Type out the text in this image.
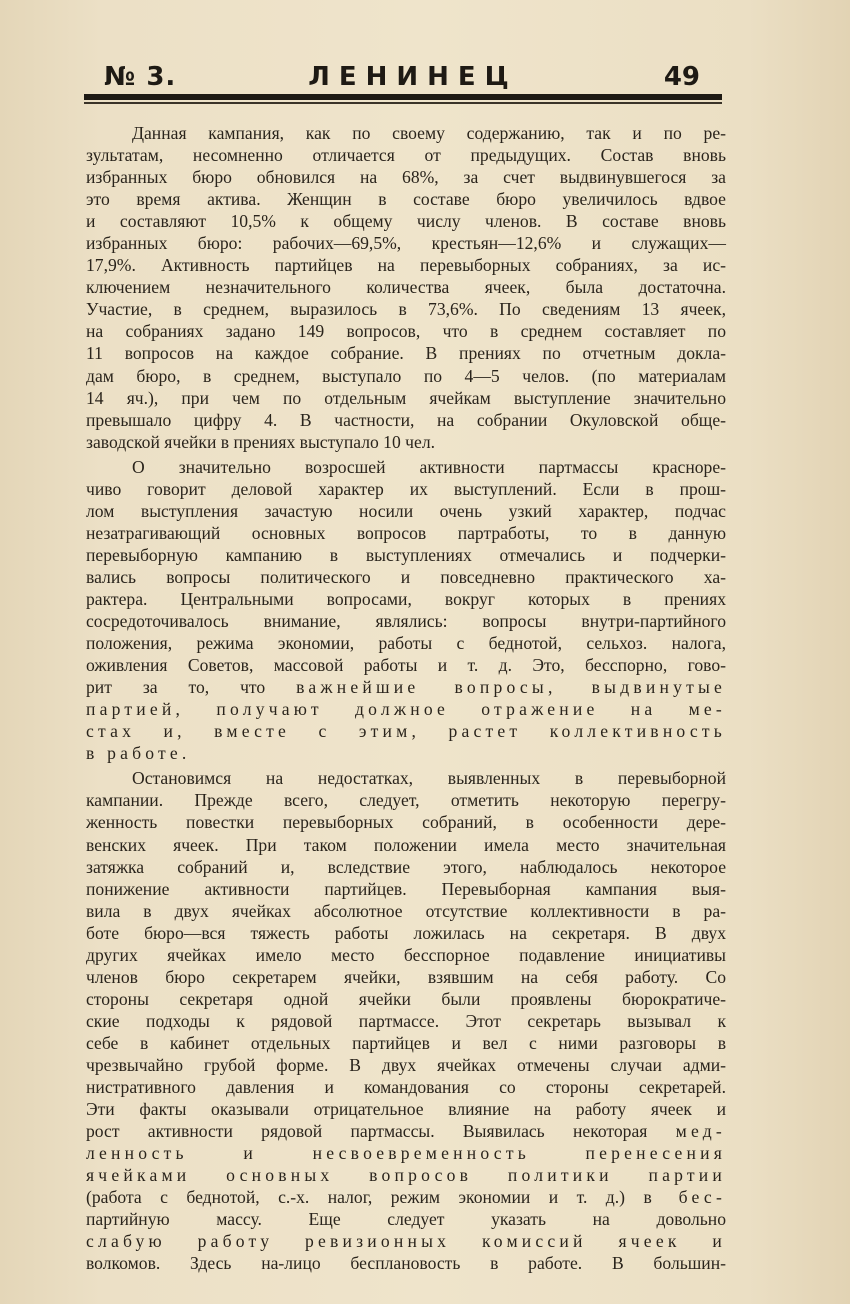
№ 3.	ЛЕНИНЕЦ	49
Данная кампания, как по своему содержанию, так и по ре-
зультатам, несомненно отличается от предыдущих. Состав вновь
избранных бюро обновился на 68%, за счет выдвинувшегося за
это время актива. Женщин в составе бюро увеличилось вдвое
и составляют 10,5% к общему числу членов. В составе вновь
избранных бюро: рабочих—69,5%, крестьян—12,6% и служащих—
17,9%. Активность партийцев на перевыборных собраниях, за ис-
ключением незначительного количества ячеек, была достаточна.
Участие, в среднем, выразилось в 73,6%. По сведениям 13 ячеек,
на собраниях задано 149 вопросов, что в среднем составляет по
11 вопросов на каждое собрание. В прениях по отчетным докла-
дам бюро, в среднем, выступало по 4—5 челов. (по материалам
14 яч.), при чем по отдельным ячейкам выступление значительно
превышало цифру 4. В частности, на собрании Окуловской обще-
заводской ячейки в прениях выступало 10 чел.
О значительно возросшей активности партмассы красноре-
чиво говорит деловой характер их выступлений. Если в прош-
лом выступления зачастую носили очень узкий характер, подчас
незатрагивающий основных вопросов партработы, то в данную
перевыборную кампанию в выступлениях отмечались и подчерки-
вались вопросы политического и повседневно практического ха-
рактера. Центральными вопросами, вокруг которых в прениях
сосредоточивалось внимание, являлись: вопросы внутри-партийного
положения, режима экономии, работы с беднотой, сельхоз. налога,
оживления Советов, массовой работы и т. д. Это, бесспорно, гово-
рит за то, что важнейшие вопросы, выдвинутые
партией, получают должное отражение на ме-
стах и, вместе с этим, растет коллективность
в работе.
Остановимся на недостатках, выявленных в перевыборной
кампании. Прежде всего, следует, отметить некоторую перегру-
женность повестки перевыборных собраний, в особенности дере-
венских ячеек. При таком положении имела место значительная
затяжка собраний и, вследствие этого, наблюдалось некоторое
понижение активности партийцев. Перевыборная кампания выя-
вила в двух ячейках абсолютное отсутствие коллективности в ра-
боте бюро—вся тяжесть работы ложилась на секретаря. В двух
других ячейках имело место бесспорное подавление инициативы
членов бюро секретарем ячейки, взявшим на себя работу. Со
стороны секретаря одной ячейки были проявлены бюрократиче-
ские подходы к рядовой партмассе. Этот секретарь вызывал к
себе в кабинет отдельных партийцев и вел с ними разговоры в
чрезвычайно грубой форме. В двух ячейках отмечены случаи адми-
нистративного давления и командования со стороны секретарей.
Эти факты оказывали отрицательное влияние на работу ячеек и
рост активности рядовой партмассы. Выявилась некоторая мед-
ленность и несвоевременность перенесения
ячейками основных вопросов политики партии
(работа с беднотой, с.-х. налог, режим экономии и т. д.) в бес-
партийную массу. Еще следует указать на довольно
слабую работу ревизионных комиссий ячеек и
волкомов. Здесь на-лицо бесплановость в работе. В большин-
